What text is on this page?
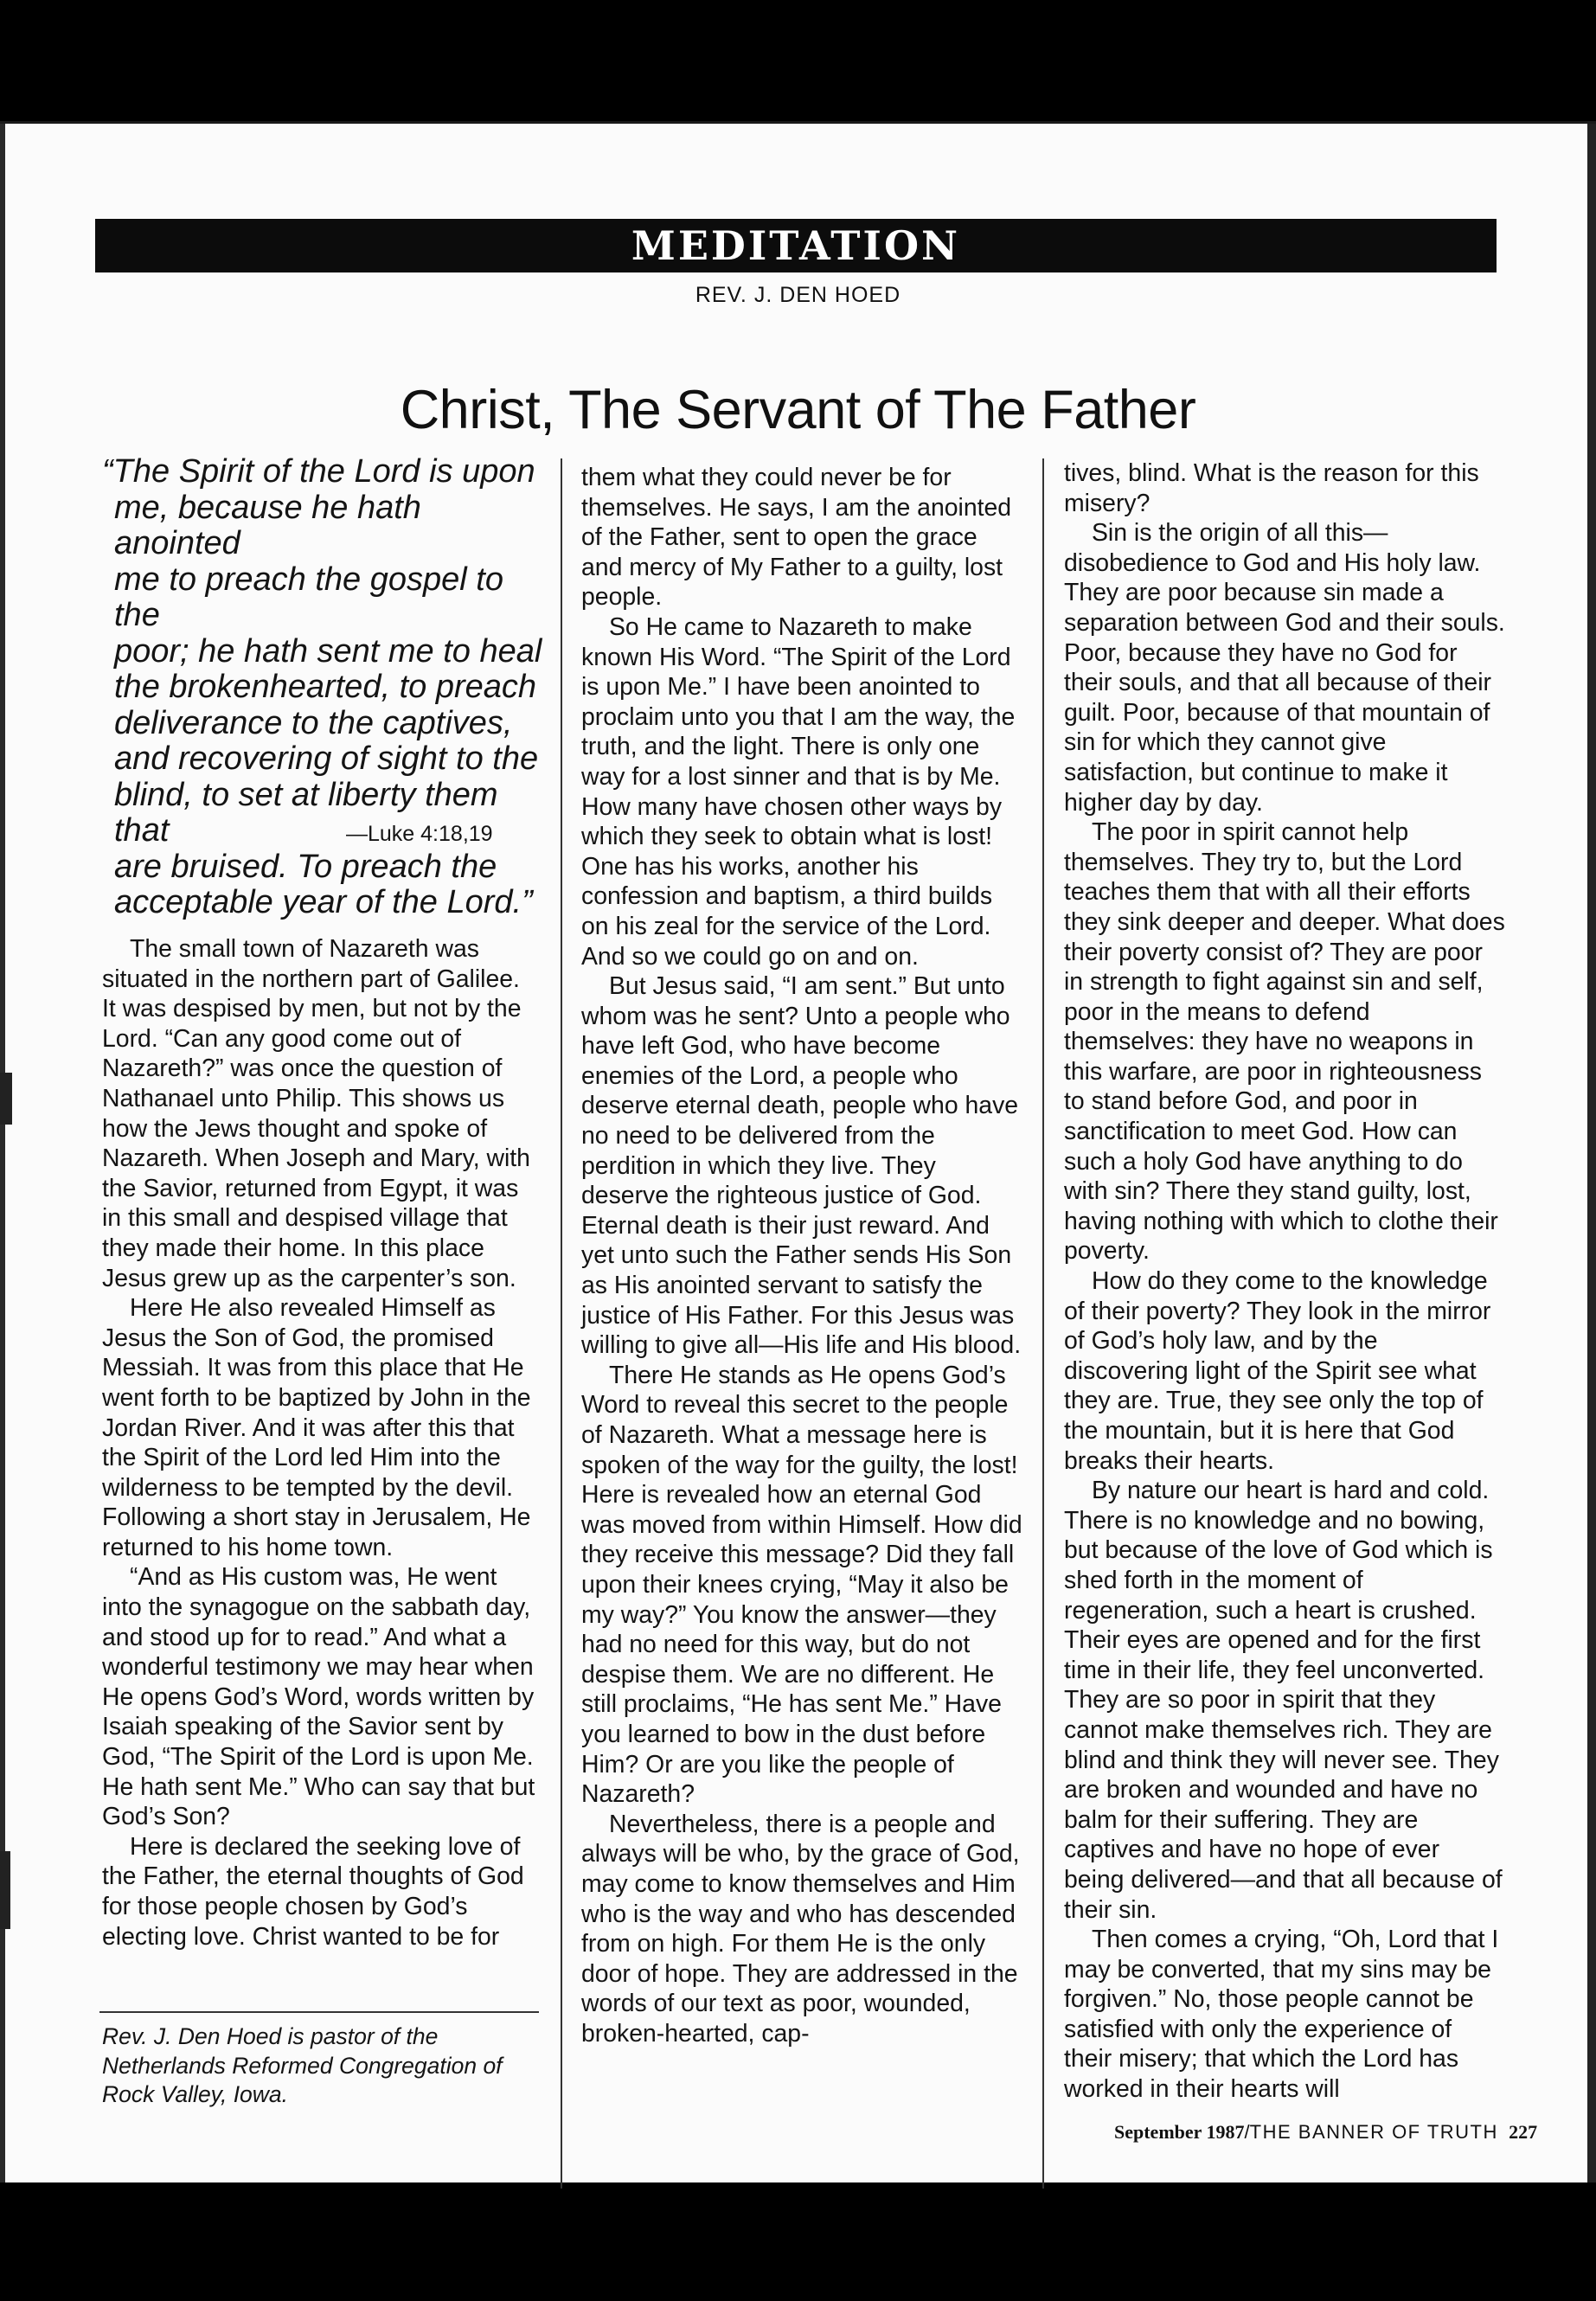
MEDITATION
REV. J. DEN HOED
Christ, The Servant of The Father
“The Spirit of the Lord is upon
me, because he hath anointed
me to preach the gospel to the
poor; he hath sent me to heal
the brokenhearted, to preach
deliverance to the captives,
and recovering of sight to the
blind, to set at liberty them that
are bruised. To preach the
acceptable year of the Lord.”
—Luke 4:18,19

The small town of Nazareth was situated in the northern part of Galilee. It was despised by men, but not by the Lord. “Can any good come out of Nazareth?” was once the question of Nathanael unto Philip. This shows us how the Jews thought and spoke of Nazareth. When Joseph and Mary, with the Savior, returned from Egypt, it was in this small and despised village that they made their home. In this place Jesus grew up as the carpenter’s son.

Here He also revealed Himself as Jesus the Son of God, the promised Messiah. It was from this place that He went forth to be baptized by John in the Jordan River. And it was after this that the Spirit of the Lord led Him into the wilderness to be tempted by the devil. Following a short stay in Jerusalem, He returned to his home town.

“And as His custom was, He went into the synagogue on the sabbath day, and stood up for to read.” And what a wonderful testimony we may hear when He opens God’s Word, words written by Isaiah speaking of the Savior sent by God, “The Spirit of the Lord is upon Me. He hath sent Me.” Who can say that but God’s Son?

Here is declared the seeking love of the Father, the eternal thoughts of God for those people chosen by God’s electing love. Christ wanted to be for

Rev. J. Den Hoed is pastor of the Netherlands Reformed Congregation of Rock Valley, Iowa.

them what they could never be for themselves. He says, I am the anointed of the Father, sent to open the grace and mercy of My Father to a guilty, lost people.

So He came to Nazareth to make known His Word. “The Spirit of the Lord is upon Me.” I have been anointed to proclaim unto you that I am the way, the truth, and the light. There is only one way for a lost sinner and that is by Me. How many have chosen other ways by which they seek to obtain what is lost! One has his works, another his confession and baptism, a third builds on his zeal for the service of the Lord. And so we could go on and on.

But Jesus said, “I am sent.” But unto whom was he sent? Unto a people who have left God, who have become enemies of the Lord, a people who deserve eternal death, people who have no need to be delivered from the perdition in which they live. They deserve the righteous justice of God. Eternal death is their just reward. And yet unto such the Father sends His Son as His anointed servant to satisfy the justice of His Father. For this Jesus was willing to give all—His life and His blood.

There He stands as He opens God’s Word to reveal this secret to the people of Nazareth. What a message here is spoken of the way for the guilty, the lost! Here is revealed how an eternal God was moved from within Himself. How did they receive this message? Did they fall upon their knees crying, “May it also be my way?” You know the answer—they had no need for this way, but do not despise them. We are no different. He still proclaims, “He has sent Me.” Have you learned to bow in the dust before Him? Or are you like the people of Nazareth?

Nevertheless, there is a people and always will be who, by the grace of God, may come to know themselves and Him who is the way and who has descended from on high. For them He is the only door of hope. They are addressed in the words of our text as poor, wounded, broken-hearted, cap-

tives, blind. What is the reason for this misery?

Sin is the origin of all this—disobedience to God and His holy law. They are poor because sin made a separation between God and their souls. Poor, because they have no God for their souls, and that all because of their guilt. Poor, because of that mountain of sin for which they cannot give satisfaction, but continue to make it higher day by day.

The poor in spirit cannot help themselves. They try to, but the Lord teaches them that with all their efforts they sink deeper and deeper. What does their poverty consist of? They are poor in strength to fight against sin and self, poor in the means to defend themselves: they have no weapons in this warfare, are poor in righteousness to stand before God, and poor in sanctification to meet God. How can such a holy God have anything to do with sin? There they stand guilty, lost, having nothing with which to clothe their poverty.

How do they come to the knowledge of their poverty? They look in the mirror of God’s holy law, and by the discovering light of the Spirit see what they are. True, they see only the top of the mountain, but it is here that God breaks their hearts.

By nature our heart is hard and cold. There is no knowledge and no bowing, but because of the love of God which is shed forth in the moment of regeneration, such a heart is crushed. Their eyes are opened and for the first time in their life, they feel unconverted. They are so poor in spirit that they cannot make themselves rich. They are blind and think they will never see. They are broken and wounded and have no balm for their suffering. They are captives and have no hope of ever being delivered—and that all because of their sin.

Then comes a crying, “Oh, Lord that I may be converted, that my sins may be forgiven.” No, those people cannot be satisfied with only the experience of their misery; that which the Lord has worked in their hearts will

September 1987/THE BANNER OF TRUTH 227
